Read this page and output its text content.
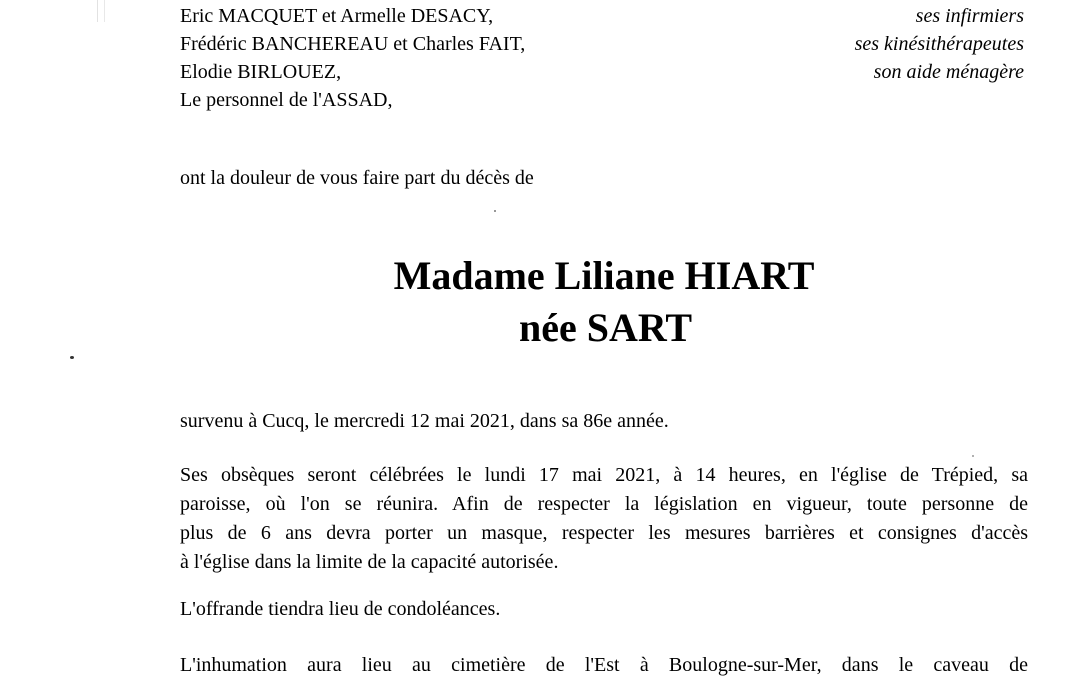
Eric MACQUET et Armelle DESACY,
Frédéric BANCHEREAU et Charles FAIT,
Elodie BIRLOUEZ,
Le personnel de l'ASSAD,
ses infirmiers
ses kinésithérapeutes
son aide ménagère
ont la douleur de vous faire part du décès de
Madame Liliane HIART
née SART
survenu à Cucq, le mercredi 12 mai 2021, dans sa 86e année.
Ses obsèques seront célébrées le lundi 17 mai 2021, à 14 heures, en l'église de Trépied, sa
paroisse, où l'on se réunira. Afin de respecter la législation en vigueur, toute personne de
plus de 6 ans devra porter un masque, respecter les mesures barrières et consignes d'accès
à l'église dans la limite de la capacité autorisée.
L'offrande tiendra lieu de condoléances.
L'inhumation aura lieu au cimetière de l'Est à Boulogne-sur-Mer, dans le caveau de
